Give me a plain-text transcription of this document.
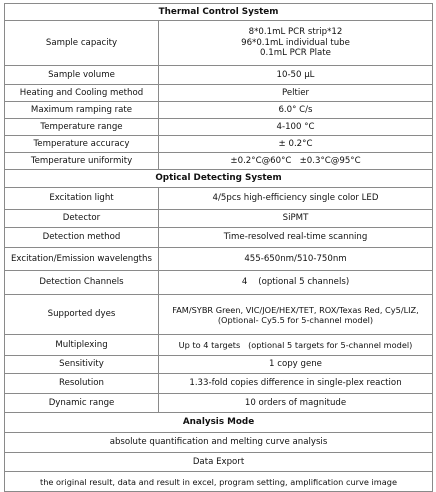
Thermal Control System	
Sample capacity	8*0.1mL PCR strip*12
96*0.1mL individual tube
0.1mL PCR Plate

Sample volume	10-50 μL
Heating and Cooling method	Peltier
Maximum ramping rate	6.0° C/s
Temperature range	4-100 °C
Temperature accuracy	± 0.2°C
Temperature uniformity	±0.2°C@60°C   ±0.3°C@95°C
Optical Detecting System	
Excitation light	4/5pcs high-efficiency single color LED
Detector	SiPMT
Detection method	Time-resolved real-time scanning
Excitation/Emission wavelengths	455-650nm/510-750nm
Detection Channels	4    (optional 5 channels)
Supported dyes	FAM/SYBR Green, VIC/JOE/HEX/TET, ROX/Texas Red, Cy5/LIZ,
(Optional- Cy5.5 for 5-channel model)

Multiplexing	Up to 4 targets   (optional 5 targets for 5-channel model)
Sensitivity	1 copy gene
Resolution	1.33-fold copies difference in single-plex reaction
Dynamic range	10 orders of magnitude
Analysis Mode	
absolute quantification and melting curve analysis	
Data Export	
the original result, data and result in excel, program setting, amplification curve image	
